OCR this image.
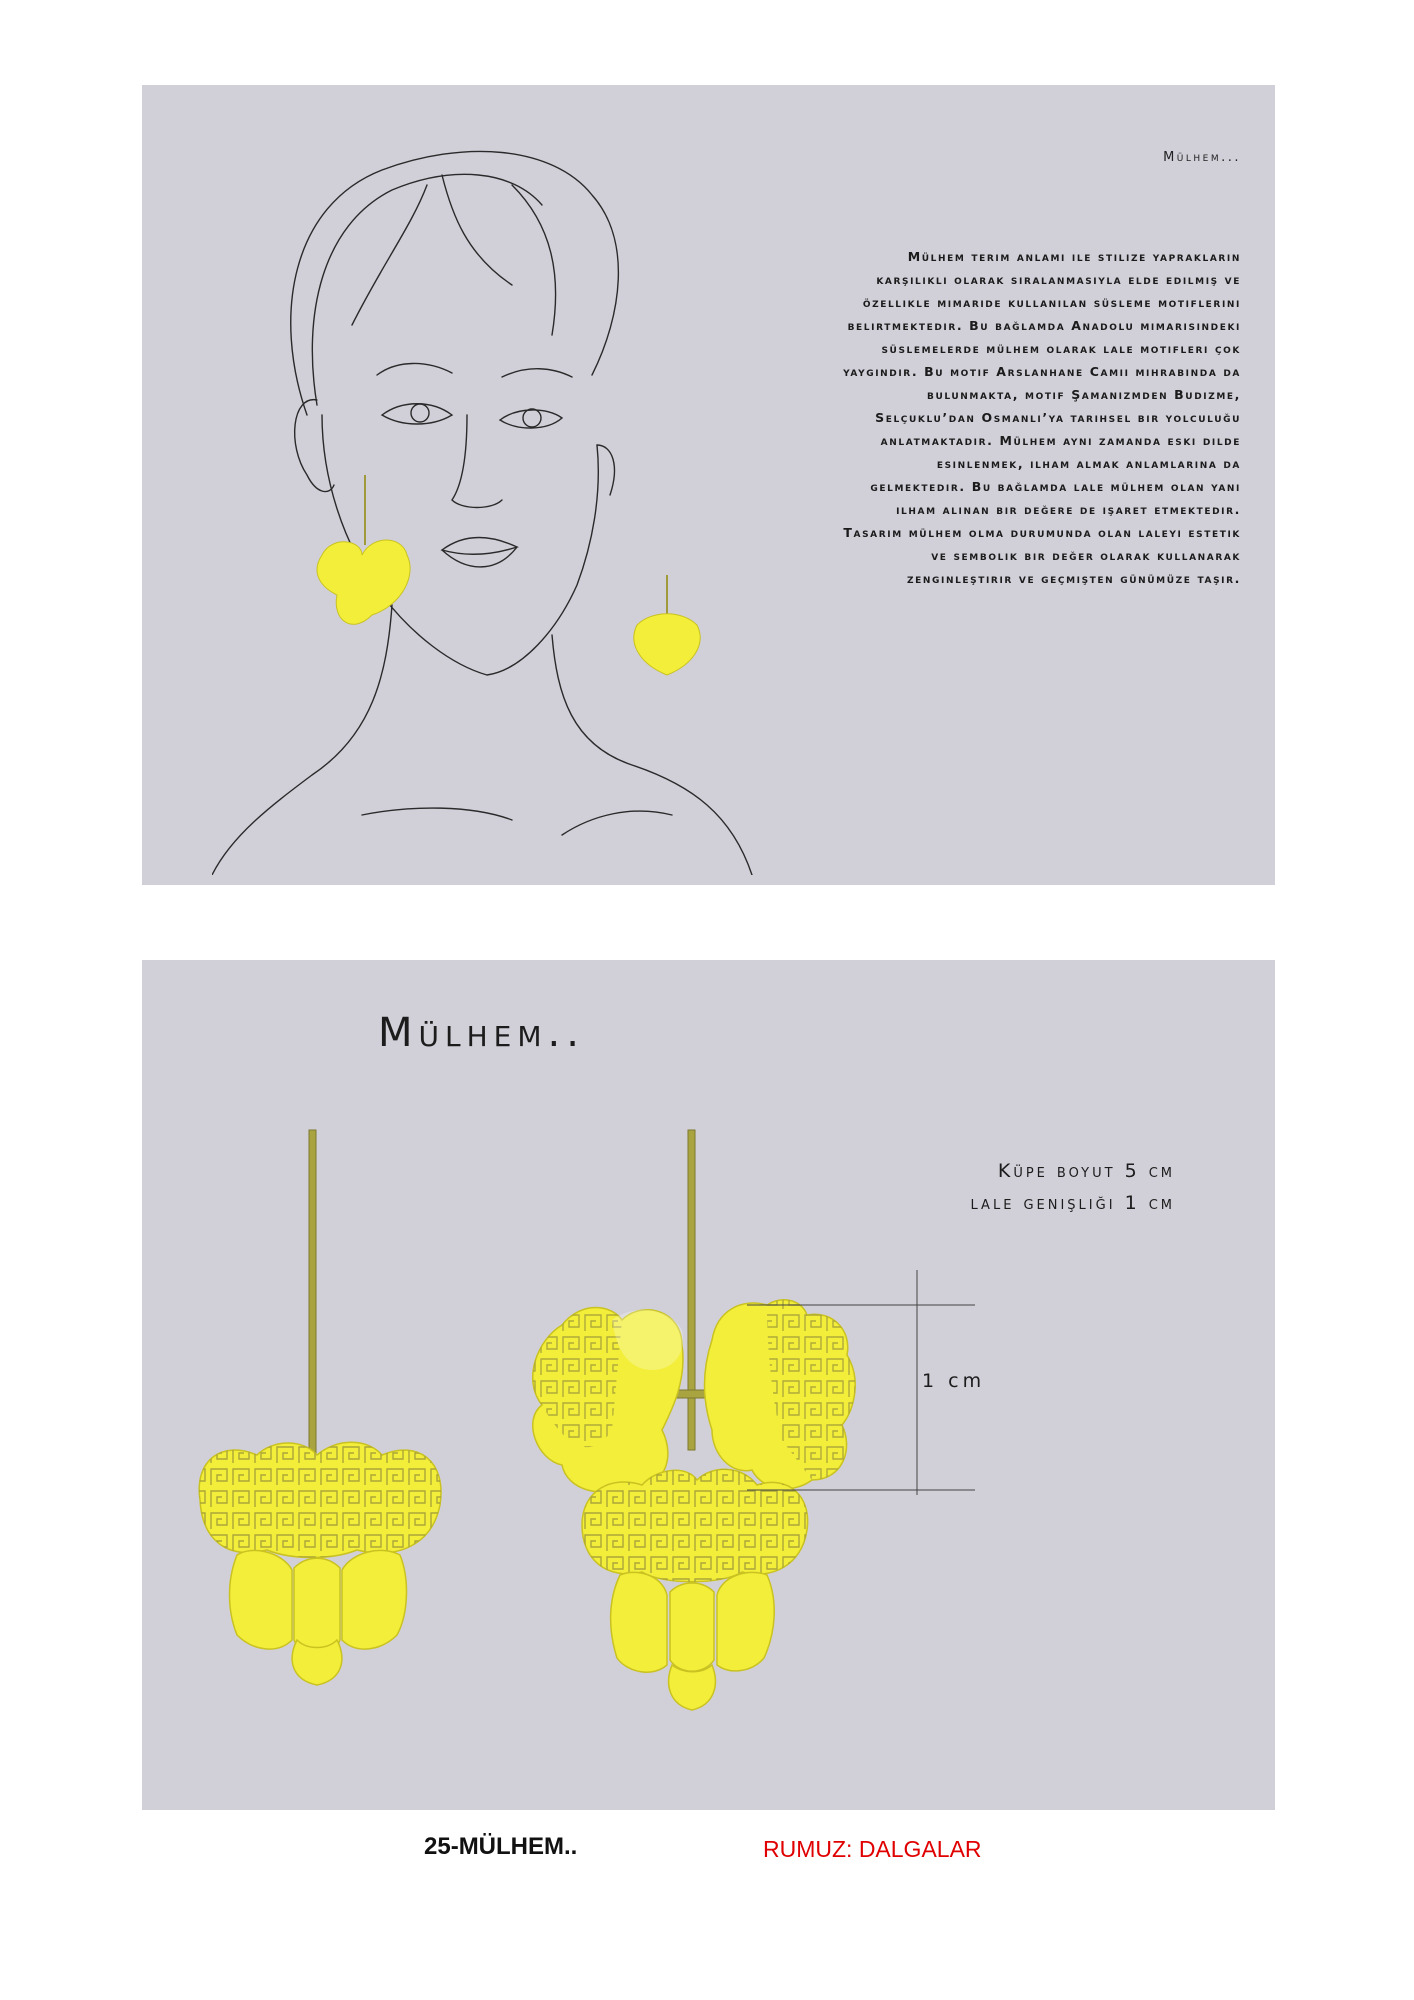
Mülhem...
Mülhem terim anlamı ile stilize yaprakların karşılıklı olarak sıralanmasıyla elde edilmiş ve özellikle mimaride kullanılan süsleme motiflerini belirtmektedir. Bu bağlamda Anadolu mimarisindeki süslemelerde mülhem olarak lale motifleri çok yaygındır. Bu motif Arslanhane Camii mihrabında da bulunmakta, motif Şamanizmden Budizme, Selçuklu’dan Osmanlı’ya tarihsel bir yolculuğu anlatmaktadır. Mülhem aynı zamanda eski dilde esinlenmek, ilham almak anlamlarına da gelmektedir. Bu bağlamda lale mülhem olan yani ilham alınan bir değere de işaret etmektedir. Tasarım mülhem olma durumunda olan laleyi estetik ve sembolik bir değer olarak kullanarak zenginleştirir ve geçmişten günümüze taşır.
Mülhem..
Küpe boyut 5 cm
lale genişliği 1 cm
1 cm
25-MÜLHEM..	RUMUZ: DALGALAR
